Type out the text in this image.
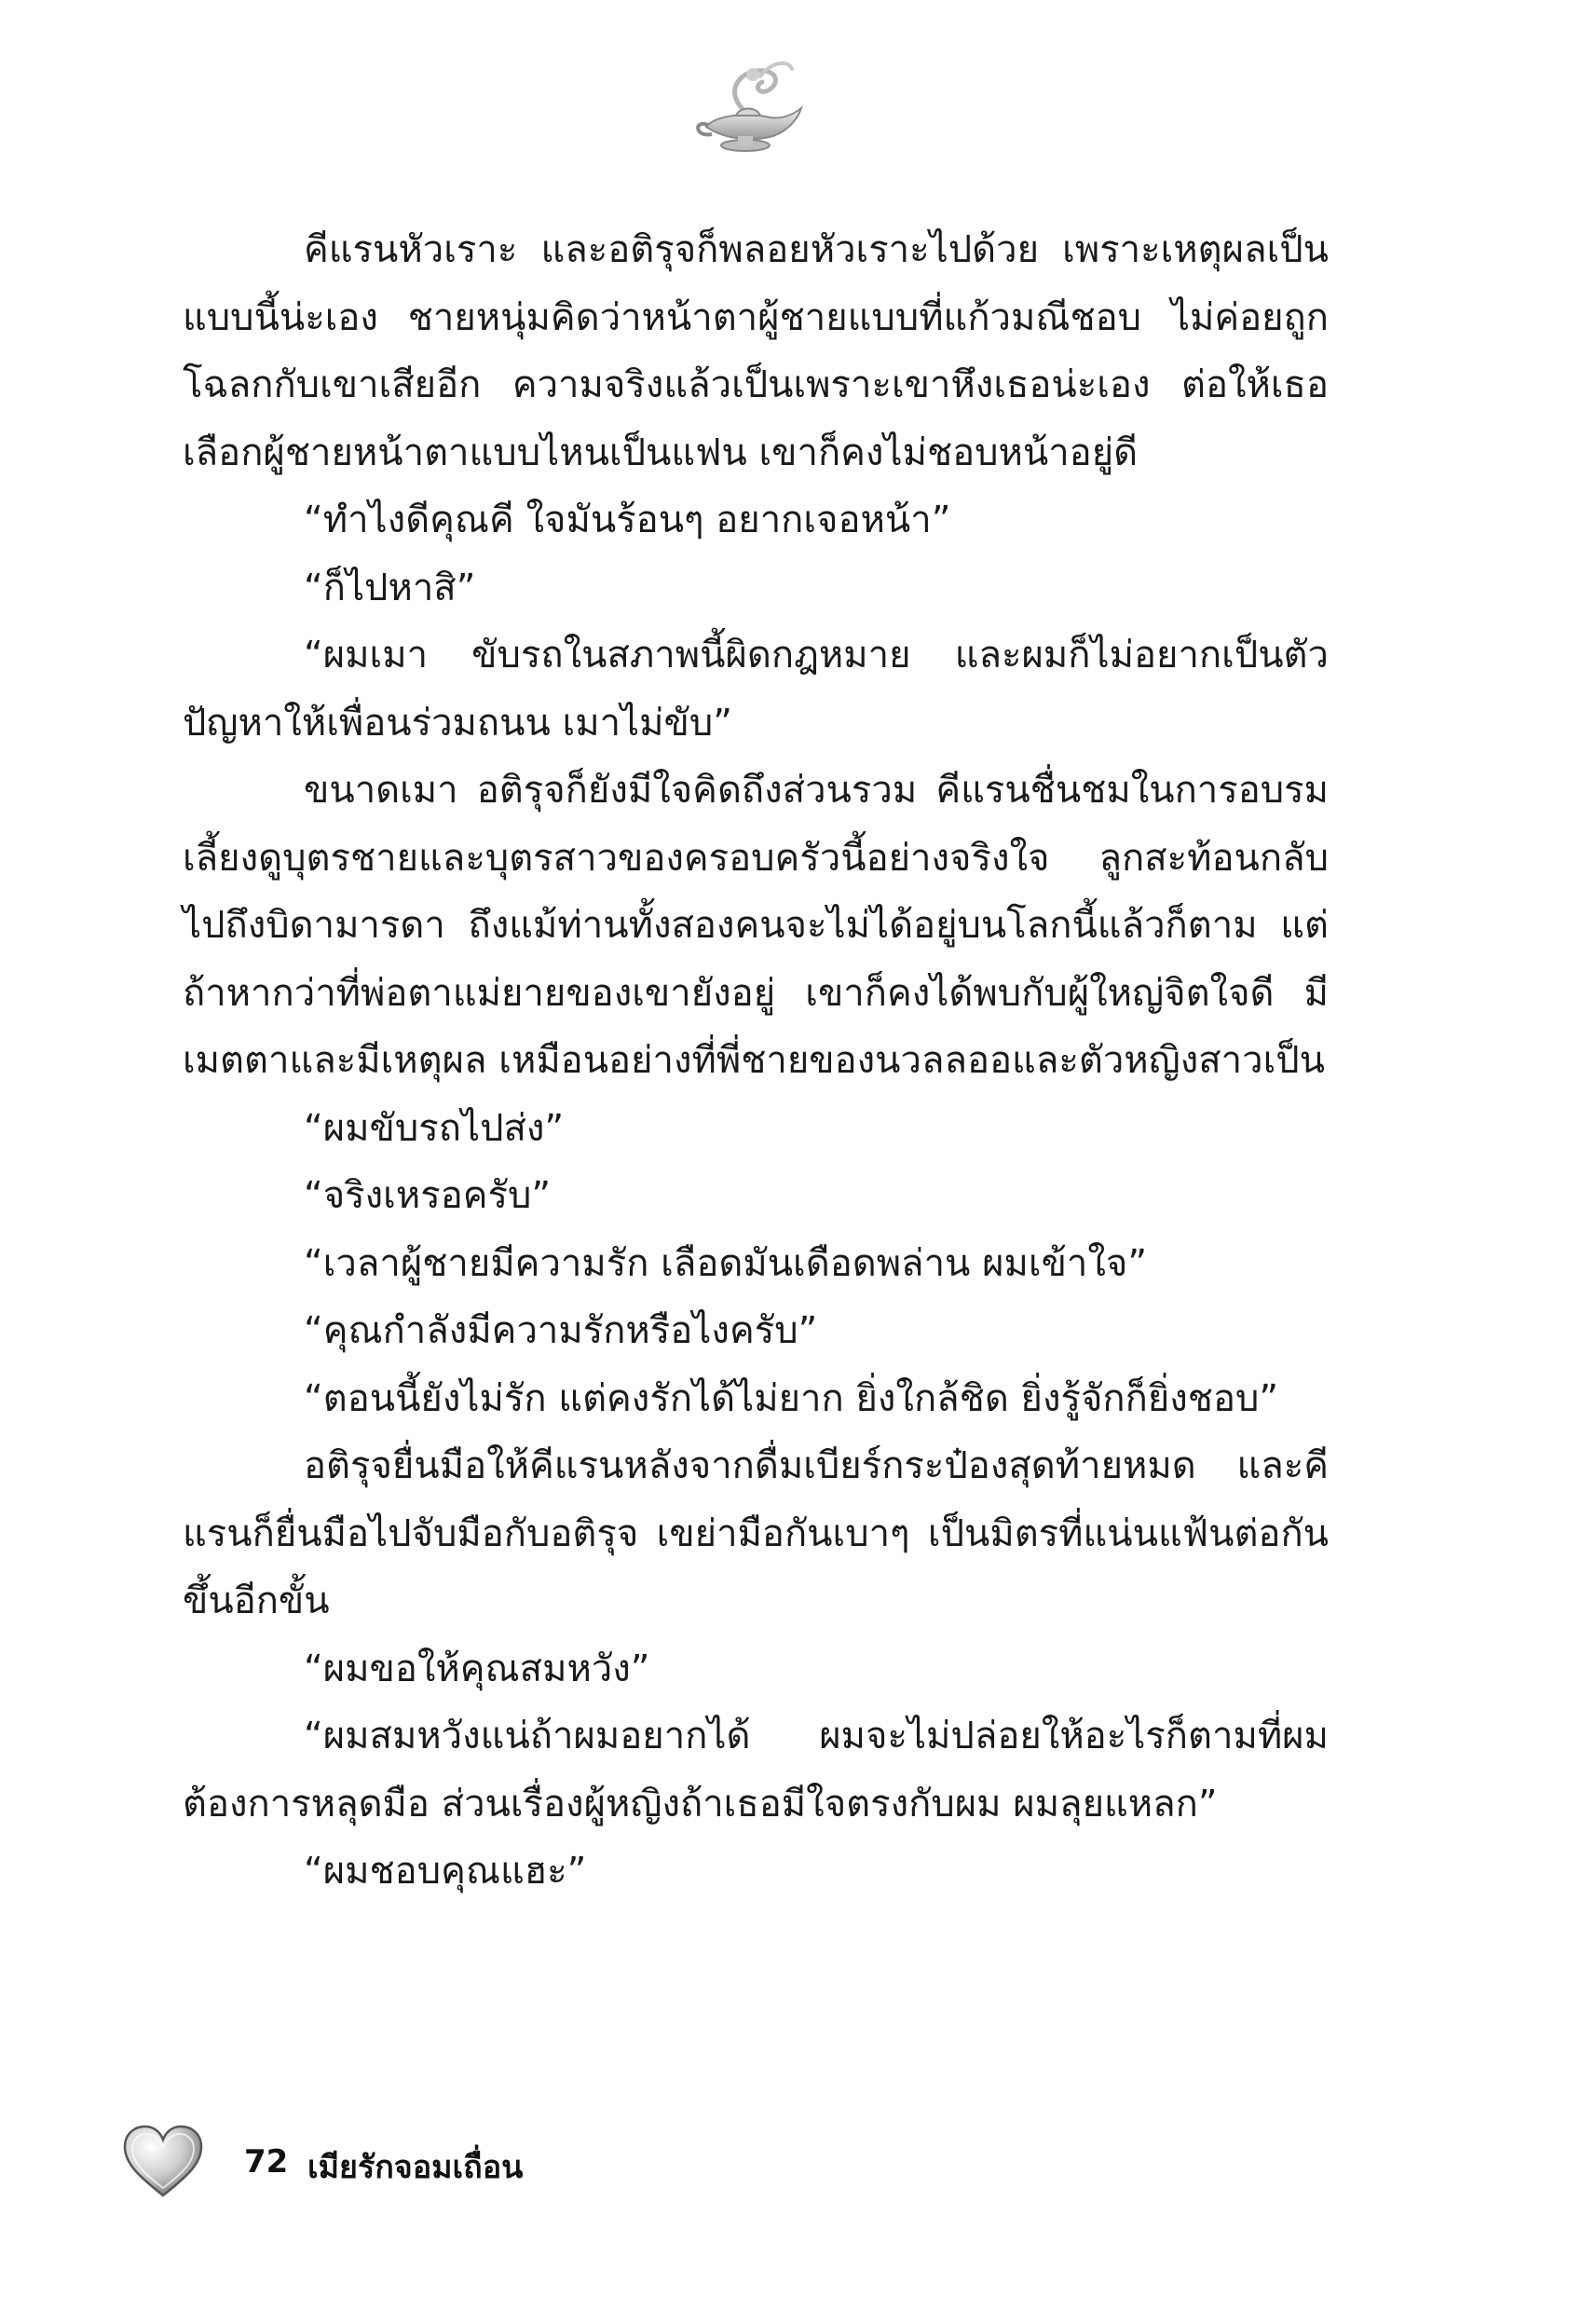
คีแรนหัวเราะ และอติรุจก็พลอยหัวเราะไปด้วย เพราะเหตุผลเป็นแบบนี้น่ะเอง ชายหนุ่มคิดว่าหน้าตาผู้ชายแบบที่แก้วมณีชอบ ไม่ค่อยถูกโฉลกกับเขาเสียอีก ความจริงแล้วเป็นเพราะเขาหึงเธอน่ะเอง ต่อให้เธอเลือกผู้ชายหน้าตาแบบไหนเป็นแฟน เขาก็คงไม่ชอบหน้าอยู่ดี

“ทำไงดีคุณคี ใจมันร้อนๆ อยากเจอหน้า”

“ก็ไปหาสิ”

“ผมเมา ขับรถในสภาพนี้ผิดกฎหมาย และผมก็ไม่อยากเป็นตัวปัญหาให้เพื่อนร่วมถนน เมาไม่ขับ”

ขนาดเมา อติรุจก็ยังมีใจคิดถึงส่วนรวม คีแรนชื่นชมในการอบรมเลี้ยงดูบุตรชายและบุตรสาวของครอบครัวนี้อย่างจริงใจ ลูกสะท้อนกลับไปถึงบิดามารดา ถึงแม้ท่านทั้งสองคนจะไม่ได้อยู่บนโลกนี้แล้วก็ตาม แต่ถ้าหากว่าที่พ่อตาแม่ยายของเขายังอยู่ เขาก็คงได้พบกับผู้ใหญ่จิตใจดี มีเมตตาและมีเหตุผล เหมือนอย่างที่พี่ชายของนวลลออและตัวหญิงสาวเป็น

“ผมขับรถไปส่ง”

“จริงเหรอครับ”

“เวลาผู้ชายมีความรัก เลือดมันเดือดพล่าน ผมเข้าใจ”

“คุณกำลังมีความรักหรือไงครับ”

“ตอนนี้ยังไม่รัก แต่คงรักได้ไม่ยาก ยิ่งใกล้ชิด ยิ่งรู้จักก็ยิ่งชอบ”

อติรุจยื่นมือให้คีแรนหลังจากดื่มเบียร์กระป๋องสุดท้ายหมด และคีแรนก็ยื่นมือไปจับมือกับอติรุจ เขย่ามือกันเบาๆ เป็นมิตรที่แน่นแฟ้นต่อกันขึ้นอีกขั้น

“ผมขอให้คุณสมหวัง”

“ผมสมหวังแน่ถ้าผมอยากได้ ผมจะไม่ปล่อยให้อะไรก็ตามที่ผมต้องการหลุดมือ ส่วนเรื่องผู้หญิงถ้าเธอมีใจตรงกับผม ผมลุยแหลก”

“ผมชอบคุณแฮะ”

72 เมียรักจอมเถื่อน
